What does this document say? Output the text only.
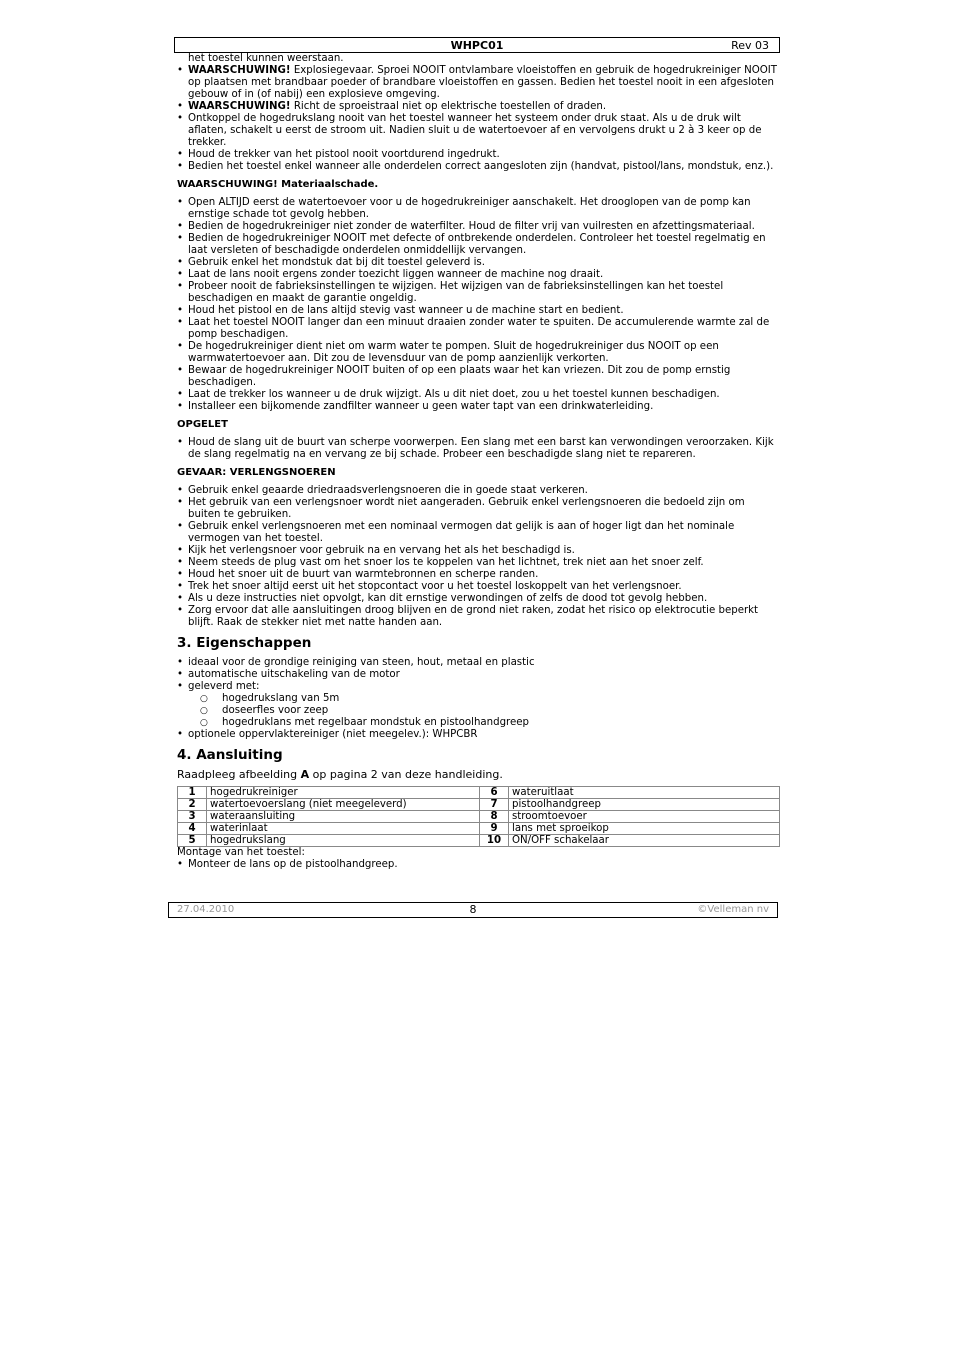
WHPC01	Rev 03

het toestel kunnen weerstaan.

• WAARSCHUWING! Explosiegevaar. Sproei NOOIT ontvlambare vloeistoffen en gebruik de hogedrukreiniger NOOIT op plaatsen met brandbaar poeder of brandbare vloeistoffen en gassen. Bedien het toestel nooit in een afgesloten gebouw of in (of nabij) een explosieve omgeving.
• WAARSCHUWING! Richt de sproeistraal niet op elektrische toestellen of draden.
• Ontkoppel de hogedrukslang nooit van het toestel wanneer het systeem onder druk staat. Als u de druk wilt aflaten, schakelt u eerst de stroom uit. Nadien sluit u de watertoevoer af en vervolgens drukt u 2 à 3 keer op de trekker.
• Houd de trekker van het pistool nooit voortdurend ingedrukt.
• Bedien het toestel enkel wanneer alle onderdelen correct aangesloten zijn (handvat, pistool/lans, mondstuk, enz.).
WAARSCHUWING! Materiaalschade.
• Open ALTIJD eerst de watertoevoer voor u de hogedrukreiniger aanschakelt. Het drooglopen van de pomp kan ernstige schade tot gevolg hebben.
• Bedien de hogedrukreiniger niet zonder de waterfilter. Houd de filter vrij van vuilresten en afzettingsmateriaal.
• Bedien de hogedrukreiniger NOOIT met defecte of ontbrekende onderdelen. Controleer het toestel regelmatig en laat versleten of beschadigde onderdelen onmiddellijk vervangen.
• Gebruik enkel het mondstuk dat bij dit toestel geleverd is.
• Laat de lans nooit ergens zonder toezicht liggen wanneer de machine nog draait.
• Probeer nooit de fabrieksinstellingen te wijzigen. Het wijzigen van de fabrieksinstellingen kan het toestel beschadigen en maakt de garantie ongeldig.
• Houd het pistool en de lans altijd stevig vast wanneer u de machine start en bedient.
• Laat het toestel NOOIT langer dan een minuut draaien zonder water te spuiten. De accumulerende warmte zal de pomp beschadigen.
• De hogedrukreiniger dient niet om warm water te pompen. Sluit de hogedrukreiniger dus NOOIT op een warmwatertoevoer aan. Dit zou de levensduur van de pomp aanzienlijk verkorten.
• Bewaar de hogedrukreiniger NOOIT buiten of op een plaats waar het kan vriezen. Dit zou de pomp ernstig beschadigen.
• Laat de trekker los wanneer u de druk wijzigt. Als u dit niet doet, zou u het toestel kunnen beschadigen.
• Installeer een bijkomende zandfilter wanneer u geen water tapt van een drinkwaterleiding.
OPGELET
• Houd de slang uit de buurt van scherpe voorwerpen. Een slang met een barst kan verwondingen veroorzaken. Kijk de slang regelmatig na en vervang ze bij schade. Probeer een beschadigde slang niet te repareren.
GEVAAR: VERLENGSNOEREN
• Gebruik enkel geaarde driedraadsverlengsnoeren die in goede staat verkeren.
• Het gebruik van een verlengsnoer wordt niet aangeraden. Gebruik enkel verlengsnoeren die bedoeld zijn om buiten te gebruiken.
• Gebruik enkel verlengsnoeren met een nominaal vermogen dat gelijk is aan of hoger ligt dan het nominale vermogen van het toestel.
• Kijk het verlengsnoer voor gebruik na en vervang het als het beschadigd is.
• Neem steeds de plug vast om het snoer los te koppelen van het lichtnet, trek niet aan het snoer zelf.
• Houd het snoer uit de buurt van warmtebronnen en scherpe randen.
• Trek het snoer altijd eerst uit het stopcontact voor u het toestel loskoppelt van het verlengsnoer.
• Als u deze instructies niet opvolgt, kan dit ernstige verwondingen of zelfs de dood tot gevolg hebben.
• Zorg ervoor dat alle aansluitingen droog blijven en de grond niet raken, zodat het risico op elektrocutie beperkt blijft. Raak de stekker niet met natte handen aan.
3. Eigenschappen
• ideaal voor de grondige reiniging van steen, hout, metaal en plastic
• automatische uitschakeling van de motor
• geleverd met:
○ hogedrukslang van 5m
○ doseerfles voor zeep
○ hogedruklans met regelbaar mondstuk en pistoolhandgreep
• optionele oppervlaktereiniger (niet meegelev.): WHPCBR
4. Aansluiting

Raadpleeg afbeelding A op pagina 2 van deze handleiding.

1	hogedrukreiniger	6	wateruitlaat
2	watertoevoerslang (niet meegeleverd)	7	pistoolhandgreep
3	wateraansluiting	8	stroomtoevoer
4	waterinlaat	9	lans met sproeikop
5	hogedrukslang	10	ON/OFF schakelaar

Montage van het toestel:

• Monteer de lans op de pistoolhandgreep.
27.04.2010	8	©Velleman nv
